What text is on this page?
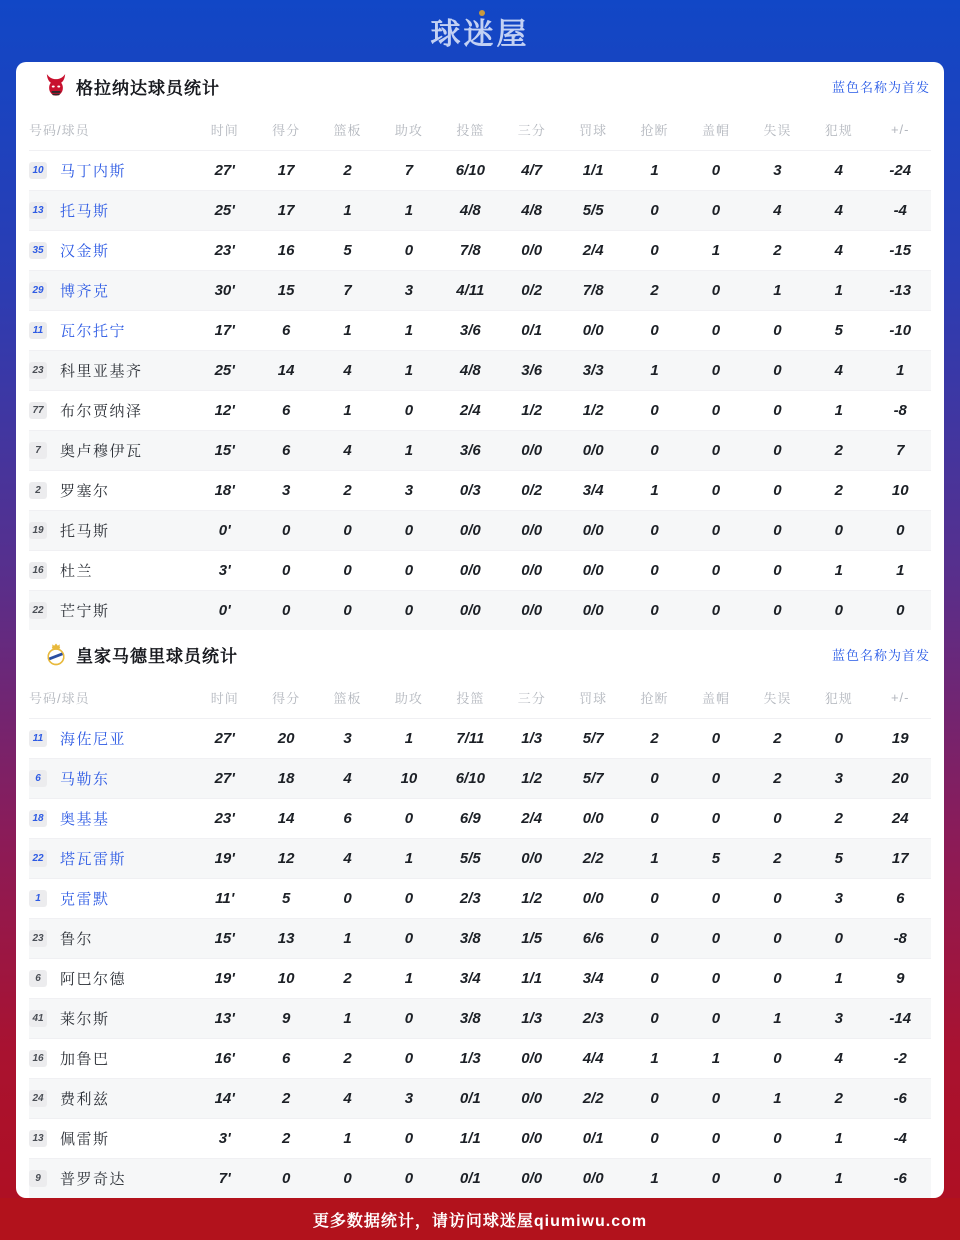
球迷屋
格拉纳达球员统计	蓝色名称为首发
号码/球员	时间	得分	篮板	助攻	投篮	三分	罚球	抢断	盖帽	失误	犯规	+/-

10 马丁内斯	27'	17	2	7	6/10	4/7	1/1	1	0	3	4	-24

13 托马斯	25'	17	1	1	4/8	4/8	5/5	0	0	4	4	-4

35 汉金斯	23'	16	5	0	7/8	0/0	2/4	0	1	2	4	-15

29 博齐克	30'	15	7	3	4/11	0/2	7/8	2	0	1	1	-13

11 瓦尔托宁	17'	6	1	1	3/6	0/1	0/0	0	0	0	5	-10

23 科里亚基齐	25'	14	4	1	4/8	3/6	3/3	1	0	0	4	1

77 布尔贾纳泽	12'	6	1	0	2/4	1/2	1/2	0	0	0	1	-8

7 奥卢穆伊瓦	15'	6	4	1	3/6	0/0	0/0	0	0	0	2	7

2 罗塞尔	18'	3	2	3	0/3	0/2	3/4	1	0	0	2	10

19 托马斯	0'	0	0	0	0/0	0/0	0/0	0	0	0	0	0

16 杜兰	3'	0	0	0	0/0	0/0	0/0	0	0	0	1	1

22 芒宁斯	0'	0	0	0	0/0	0/0	0/0	0	0	0	0	0
皇家马德里球员统计	蓝色名称为首发
号码/球员	时间	得分	篮板	助攻	投篮	三分	罚球	抢断	盖帽	失误	犯规	+/-

11 海佐尼亚	27'	20	3	1	7/11	1/3	5/7	2	0	2	0	19

6 马勒东	27'	18	4	10	6/10	1/2	5/7	0	0	2	3	20

18 奥基基	23'	14	6	0	6/9	2/4	0/0	0	0	0	2	24

22 塔瓦雷斯	19'	12	4	1	5/5	0/0	2/2	1	5	2	5	17

1 克雷默	11'	5	0	0	2/3	1/2	0/0	0	0	0	3	6

23 鲁尔	15'	13	1	0	3/8	1/5	6/6	0	0	0	0	-8

6 阿巴尔德	19'	10	2	1	3/4	1/1	3/4	0	0	0	1	9

41 莱尔斯	13'	9	1	0	3/8	1/3	2/3	0	0	1	3	-14

16 加鲁巴	16'	6	2	0	1/3	0/0	4/4	1	1	0	4	-2

24 费利兹	14'	2	4	3	0/1	0/0	2/2	0	0	1	2	-6

13 佩雷斯	3'	2	1	0	1/1	0/0	0/1	0	0	0	1	-4

9 普罗奇达	7'	0	0	0	0/1	0/0	0/0	1	0	0	1	-6
更多数据统计，请访问球迷屋qiumiwu.com
